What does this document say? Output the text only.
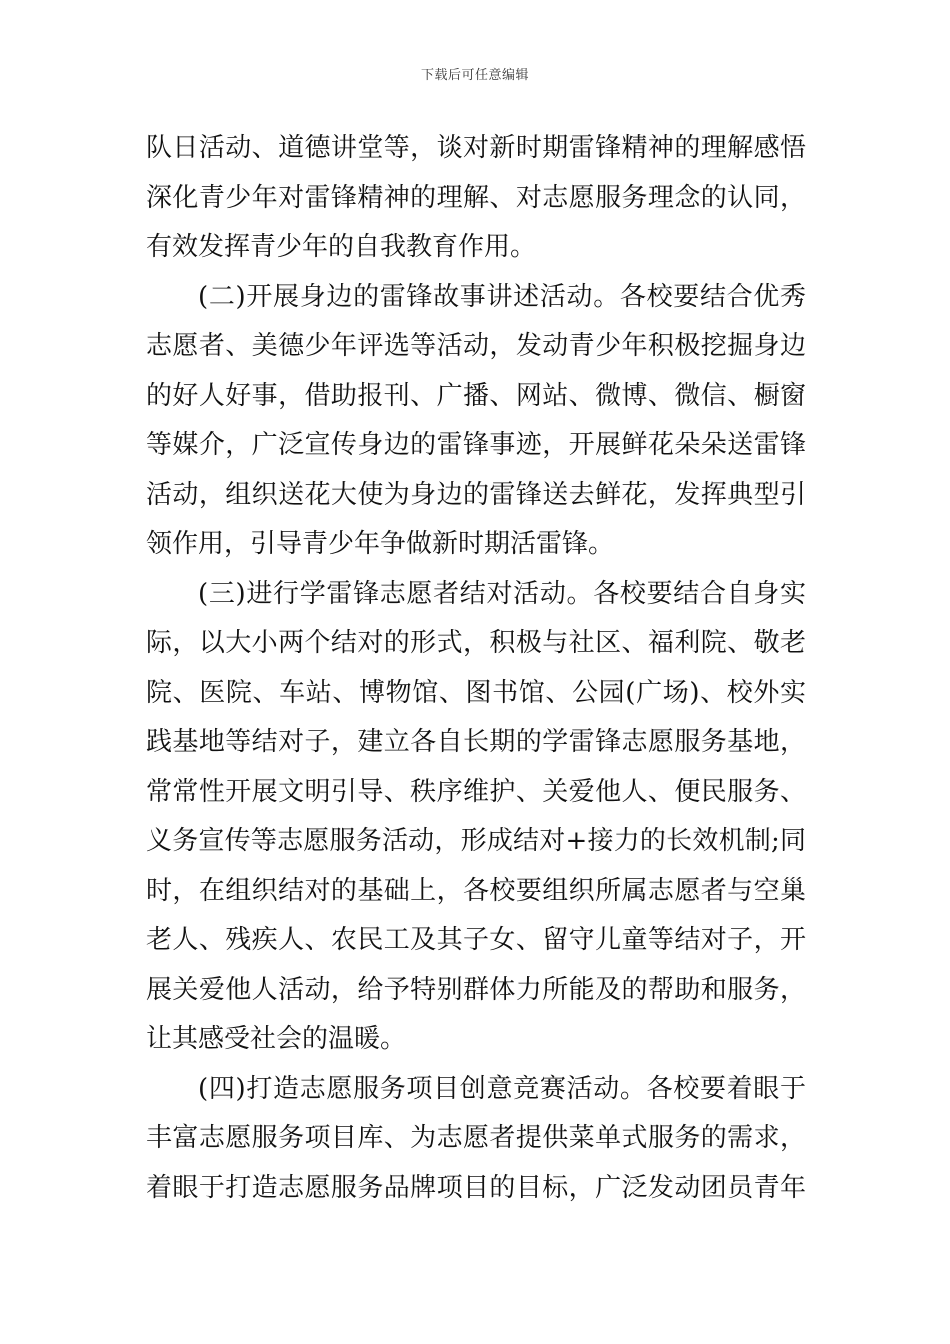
下载后可任意编辑
队日活动、道德讲堂等，谈对新时期雷锋精神的理解感悟
深化青少年对雷锋精神的理解、对志愿服务理念的认同，
有效发挥青少年的自我教育作用。
(二)开展身边的雷锋故事讲述活动。各校要结合优秀
志愿者、美德少年评选等活动，发动青少年积极挖掘身边
的好人好事，借助报刊、广播、网站、微博、微信、橱窗
等媒介，广泛宣传身边的雷锋事迹，开展鲜花朵朵送雷锋
活动，组织送花大使为身边的雷锋送去鲜花，发挥典型引
领作用，引导青少年争做新时期活雷锋。
(三)进行学雷锋志愿者结对活动。各校要结合自身实
际，以大小两个结对的形式，积极与社区、福利院、敬老
院、医院、车站、博物馆、图书馆、公园(广场)、校外实
践基地等结对子，建立各自长期的学雷锋志愿服务基地，
常常性开展文明引导、秩序维护、关爱他人、便民服务、
义务宣传等志愿服务活动，形成结对+接力的长效机制;同
时，在组织结对的基础上，各校要组织所属志愿者与空巢
老人、残疾人、农民工及其子女、留守儿童等结对子，开
展关爱他人活动，给予特别群体力所能及的帮助和服务，
让其感受社会的温暖。
(四)打造志愿服务项目创意竞赛活动。各校要着眼于
丰富志愿服务项目库、为志愿者提供菜单式服务的需求，
着眼于打造志愿服务品牌项目的目标，广泛发动团员青年
